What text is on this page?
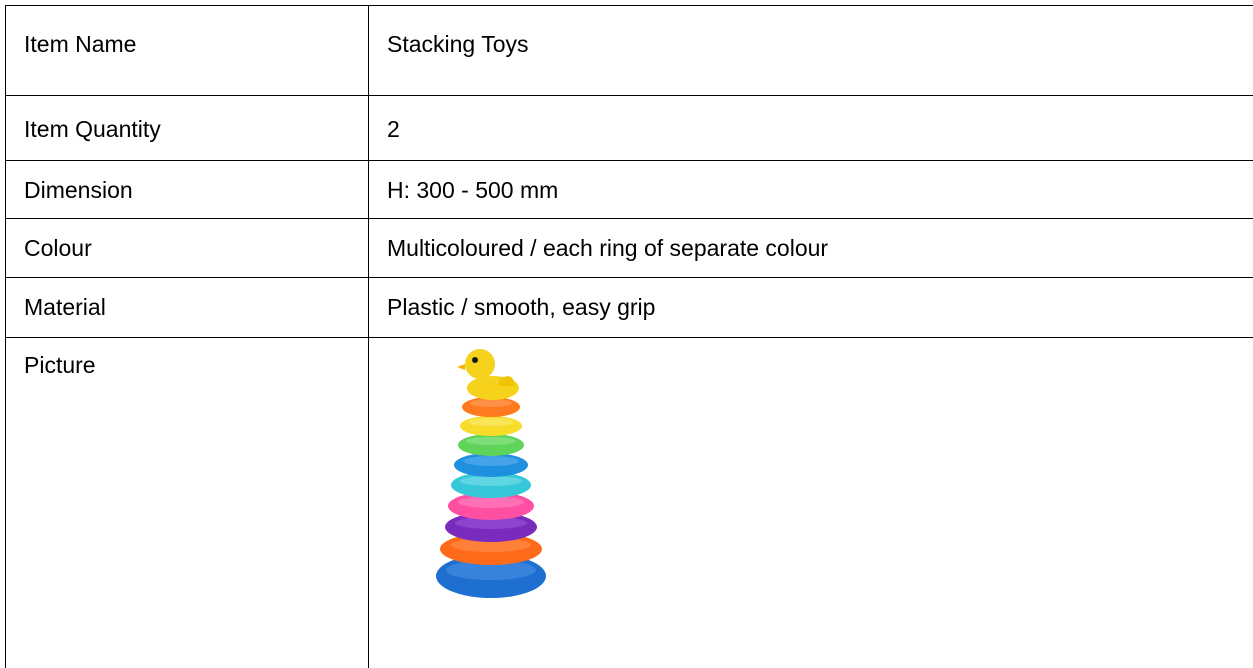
Item Name	Stacking Toys
Item Quantity	2
Dimension	H: 300 - 500 mm
Colour	Multicoloured / each ring of separate colour
Material	Plastic / smooth, easy grip
Picture	
